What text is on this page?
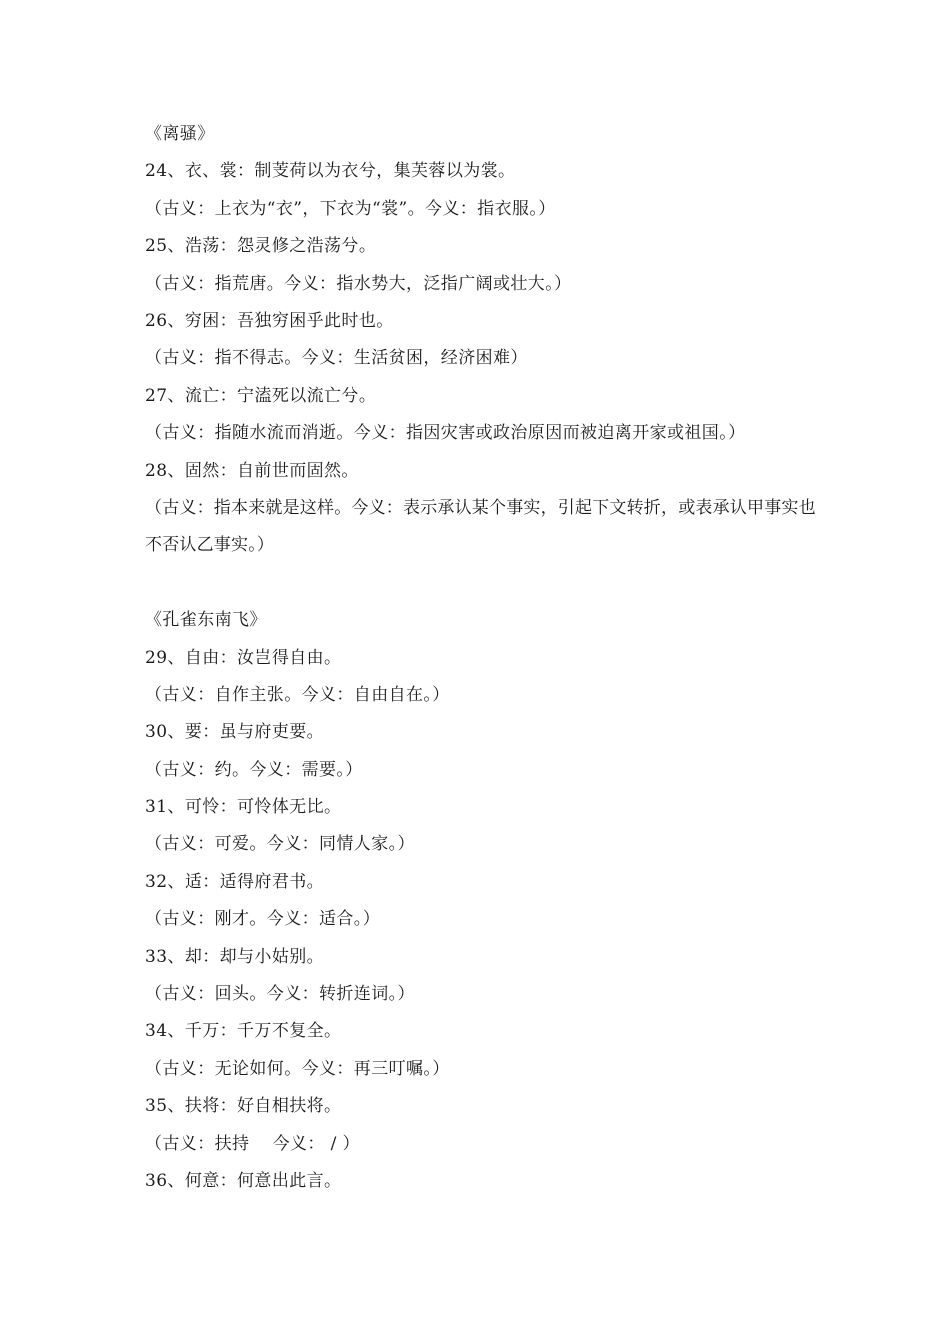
《离骚》
24、衣、裳：制芰荷以为衣兮，集芙蓉以为裳。
（古义：上衣为“衣”，下衣为“裳”。今义：指衣服。）
25、浩荡：怨灵修之浩荡兮。
（古义：指荒唐。今义：指水势大，泛指广阔或壮大。）
26、穷困：吾独穷困乎此时也。
（古义：指不得志。今义：生活贫困，经济困难）
27、流亡：宁溘死以流亡兮。
（古义：指随水流而消逝。今义：指因灾害或政治原因而被迫离开家或祖国。）
28、固然：自前世而固然。
（古义：指本来就是这样。今义：表示承认某个事实，引起下文转折，或表承认甲事实也不否认乙事实。）
《孔雀东南飞》
29、自由：汝岂得自由。
（古义：自作主张。今义：自由自在。）
30、要：虽与府吏要。
（古义：约。今义：需要。）
31、可怜：可怜体无比。
（古义：可爱。今义：同情人家。）
32、适：适得府君书。
（古义：刚才。今义：适合。）
33、却：却与小姑别。
（古义：回头。今义：转折连词。）
34、千万：千万不复全。
（古义：无论如何。今义：再三叮嘱。）
35、扶将：好自相扶将。
（古义：扶持    今义： / ）
36、何意：何意出此言。
